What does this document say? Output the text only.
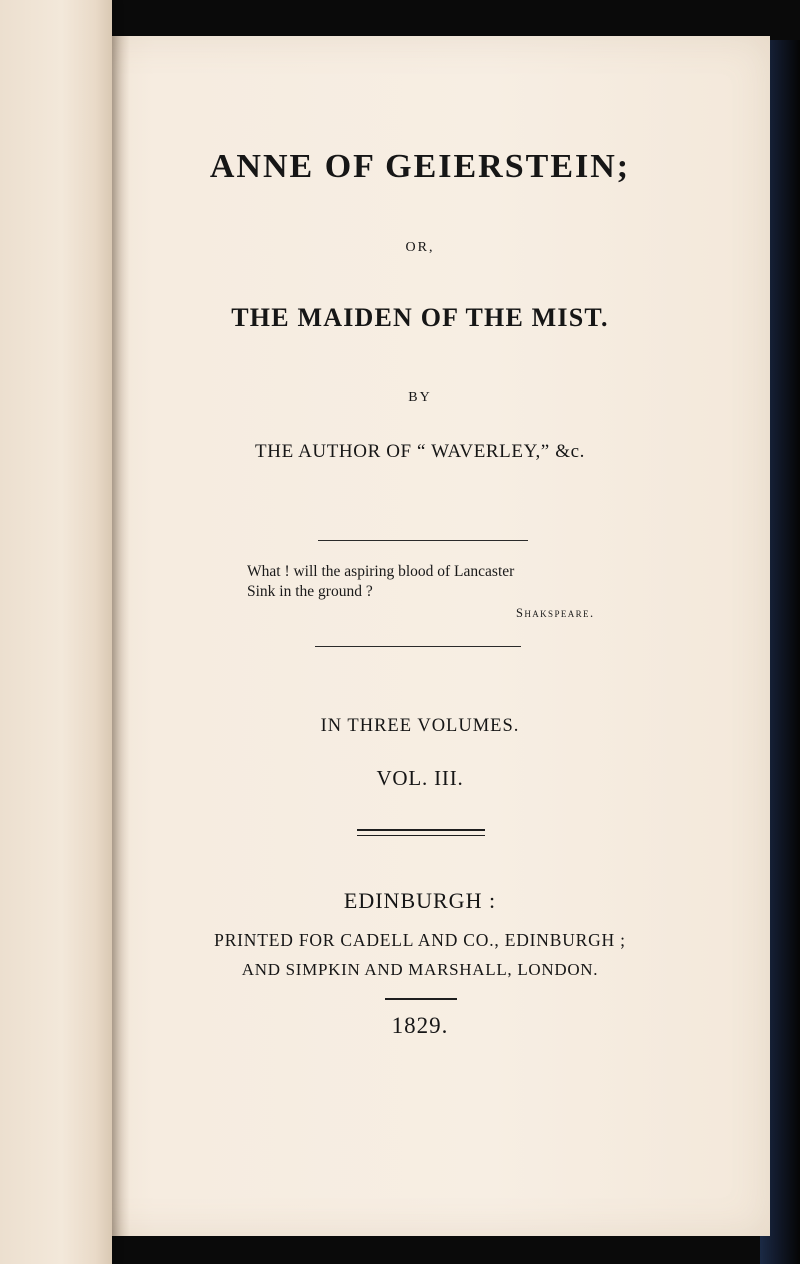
ANNE OF GEIERSTEIN;
OR,
THE MAIDEN OF THE MIST.
BY
THE AUTHOR OF “ WAVERLEY,” &c.
What ! will the aspiring blood of Lancaster
Sink in the ground ?
Shakspeare.
IN THREE VOLUMES.
VOL. III.
EDINBURGH :
PRINTED FOR CADELL AND CO., EDINBURGH ;
AND SIMPKIN AND MARSHALL, LONDON.
1829.
